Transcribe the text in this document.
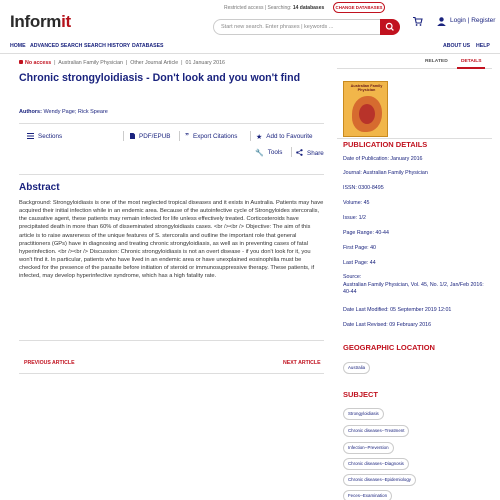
Informit
Restricted access | Searching: 14 databases	CHANGE DATABASES
Start new search. Enter phrases | keywords ...
Login | Register
HOME ADVANCED SEARCH SEARCH HISTORY DATABASES	ABOUT US HELP
No access  |  Australian Family Physician  |  Other Journal Article  |  01 January 2016
Chronic strongyloidiasis - Don't look and you won't find
Authors: Wendy Page; Rick Speare
Sections	PDF/EPUB ” Export Citations	★ Add to Favourite
🔧 Tools	Share
Abstract

Background: Strongyloidiasis is one of the most neglected tropical diseases and it exists in Australia. Patients may have acquired their initial infection while in an endemic area. Because of the autoinfective cycle of Strongyloides stercoralis, the causative agent, these patients may remain infected for life unless effectively treated. Corticosteroids have precipitated death in more than 60% of disseminated strongyloidiasis cases. <br /><br /> Objective: The aim of this article is to raise awareness of the unique features of S. stercoralis and outline the important role that general practitioners (GPs) have in diagnosing and treating chronic strongyloidiasis, as well as in preventing cases of fatal hyperinfection. <br /><br /> Discussion: Chronic strongyloidiasis is not an overt disease - if you don't look for it, you won't find it. In particular, patients who have lived in an endemic area or have unexplained eosinophilia must be checked for the presence of the parasite before initiation of steroid or immunosuppressive therapy. These patients, if infected, may develop hyperinfective syndrome, which has a high fatality rate.

PREVIOUS ARTICLE	NEXT ARTICLE
RELATED	DETAILS
Australian Family Physician
PUBLICATION DETAILS
Date of Publication: January 2016
Journal: Australian Family Physician
ISSN: 0300-8495
Volume: 45
Issue: 1/2
Page Range: 40-44
First Page: 40
Last Page: 44
Source:
Australian Family Physician, Vol. 45, No. 1/2, Jan/Feb 2016: 40-44
Date Last Modified: 05 September 2019 12:01
Date Last Revised: 09 February 2016
GEOGRAPHIC LOCATION
Australia
SUBJECT
Strongyloidiasis
Chronic diseases--Treatment
Infection--Prevention
Chronic diseases--Diagnosis
Chronic diseases--Epidemiology
Feces--Examination
